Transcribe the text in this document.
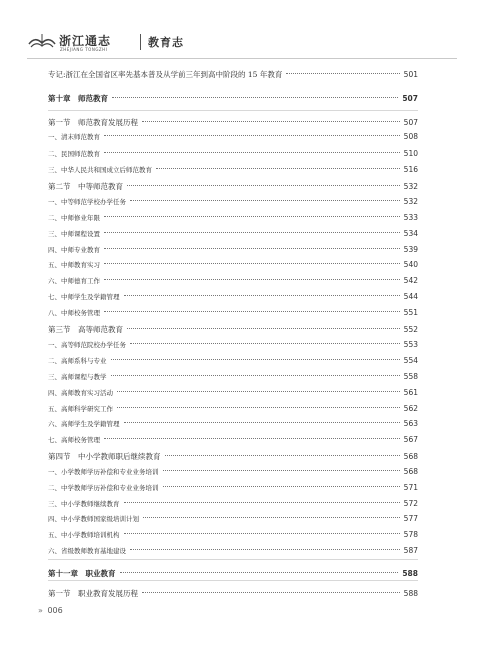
浙江通志
ZHEJIANG TONGZHI
教育志
专记:浙江在全国省区率先基本普及从学前三年到高中阶段的 15 年教育	501
第十章　师范教育	507
第一节　师范教育发展历程	507
一、清末师范教育	508
二、民国师范教育	510
三、中华人民共和国成立后师范教育	516
第二节　中等师范教育	532
一、中等师范学校办学任务	532
二、中师修业年限	533
三、中师课程设置	534
四、中师专业教育	539
五、中师教育实习	540
六、中师德育工作	542
七、中师学生及学籍管理	544
八、中师校务管理	551
第三节　高等师范教育	552
一、高等师范院校办学任务	553
二、高师系科与专业	554
三、高师课程与教学	558
四、高师教育实习活动	561
五、高师科学研究工作	562
六、高师学生及学籍管理	563
七、高师校务管理	567
第四节　中小学教师职后继续教育	568
一、小学教师学历补偿和专业业务培训	568
二、中学教师学历补偿和专业业务培训	571
三、中小学教师继续教育	572
四、中小学教师国家级培训计划	577
五、中小学教师培训机构	578
六、省级教师教育基地建设	587
第十一章　职业教育	588
第一节　职业教育发展历程	588
» 006
